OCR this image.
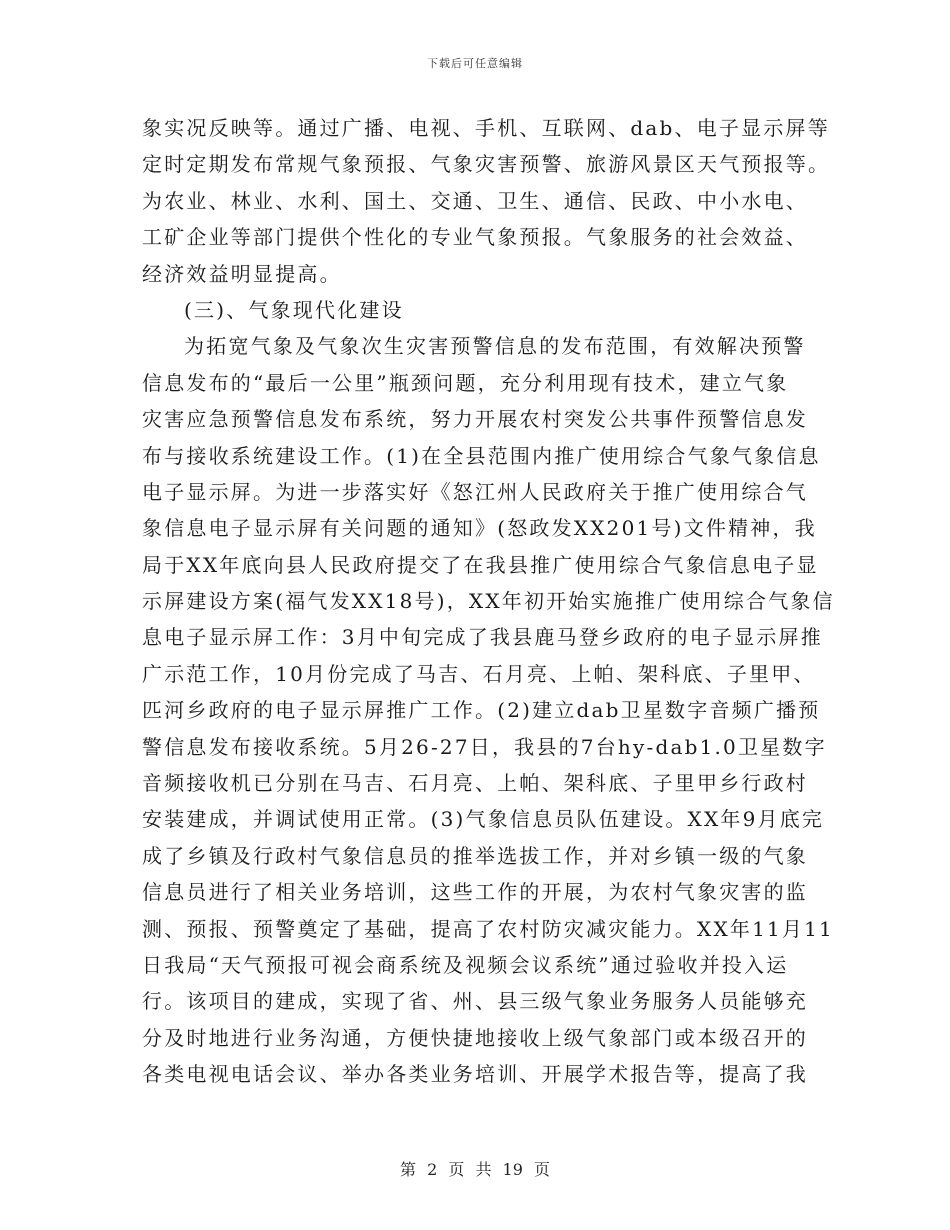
下载后可任意编辑
象实况反映等。通过广播、电视、手机、互联网、dab、电子显示屏等
定时定期发布常规气象预报、气象灾害预警、旅游风景区天气预报等。
为农业、林业、水利、国土、交通、卫生、通信、民政、中小水电、
工矿企业等部门提供个性化的专业气象预报。气象服务的社会效益、
经济效益明显提高。
(三)、气象现代化建设
为拓宽气象及气象次生灾害预警信息的发布范围，有效解决预警
信息发布的“最后一公里”瓶颈问题，充分利用现有技术，建立气象
灾害应急预警信息发布系统，努力开展农村突发公共事件预警信息发
布与接收系统建设工作。(1)在全县范围内推广使用综合气象气象信息
电子显示屏。为进一步落实好《怒江州人民政府关于推广使用综合气
象信息电子显示屏有关问题的通知》(怒政发XX201号)文件精神，我
局于XX年底向县人民政府提交了在我县推广使用综合气象信息电子显
示屏建设方案(福气发XX18号)，XX年初开始实施推广使用综合气象信
息电子显示屏工作：3月中旬完成了我县鹿马登乡政府的电子显示屏推
广示范工作，10月份完成了马吉、石月亮、上帕、架科底、子里甲、
匹河乡政府的电子显示屏推广工作。(2)建立dab卫星数字音频广播预
警信息发布接收系统。5月26-27日，我县的7台hy-dab1.0卫星数字
音频接收机已分别在马吉、石月亮、上帕、架科底、子里甲乡行政村
安装建成，并调试使用正常。(3)气象信息员队伍建设。XX年9月底完
成了乡镇及行政村气象信息员的推举选拔工作，并对乡镇一级的气象
信息员进行了相关业务培训，这些工作的开展，为农村气象灾害的监
测、预报、预警奠定了基础，提高了农村防灾减灾能力。XX年11月11
日我局“天气预报可视会商系统及视频会议系统”通过验收并投入运
行。该项目的建成，实现了省、州、县三级气象业务服务人员能够充
分及时地进行业务沟通，方便快捷地接收上级气象部门或本级召开的
各类电视电话会议、举办各类业务培训、开展学术报告等，提高了我
第 2 页 共 19 页
